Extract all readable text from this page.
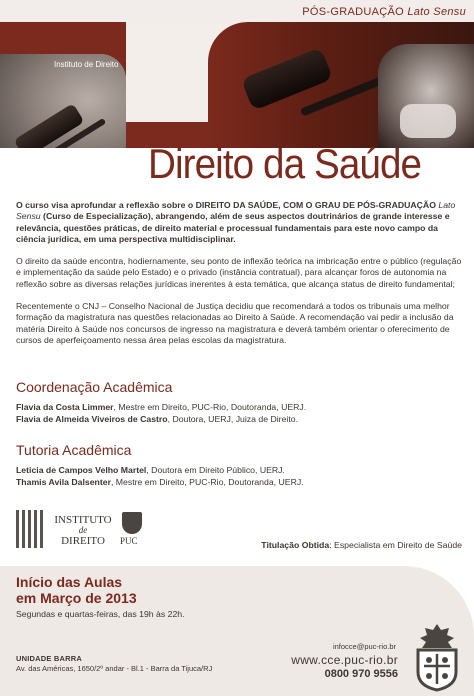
PÓS-GRADUAÇÃO Lato Sensu
Instituto de Direito
Direito da Saúde

O curso visa aprofundar a reflexão sobre o DIREITO DA SAÚDE, COM O GRAU DE PÓS-GRADUAÇÃO Lato Sensu (Curso de Especialização), abrangendo, além de seus aspectos doutrinários de grande interesse e relevância, questões práticas, de direito material e processual fundamentais para este novo campo da ciência jurídica, em uma perspectiva multidisciplinar.

O direito da saúde encontra, hodiernamente, seu ponto de inflexão teórica na imbricação entre o público (regulação e implementação da saúde pelo Estado) e o privado (instância contratual), para alcançar foros de autonomia na reflexão sobre as diversas relações jurídicas inerentes à esta temática, que alcança status de direito fundamental;

Recentemente o CNJ – Conselho Nacional de Justiça decidiu que recomendará a todos os tribunais uma melhor formação da magistratura nas questões relacionadas ao Direito à Saúde. A recomendação vai pedir a inclusão da matéria Direito à Saúde nos concursos de ingresso na magistratura e deverá também orientar o oferecimento de cursos de aperfeiçoamento nessa área pelas escolas da magistratura.

Coordenação Acadêmica
Flavia da Costa Limmer, Mestre em Direito, PUC-Rio, Doutoranda, UERJ.
Flavia de Almeida Viveiros de Castro, Doutora, UERJ, Juiza de Direito.
Tutoria Acadêmica
Leticia de Campos Velho Martel, Doutora em Direito Público, UERJ.
Thamis Avila Dalsenter, Mestre em Direito, PUC-Rio, Doutoranda, UERJ.
INSTITUTO
de
DIREITO	PUC	Titulação Obtida: Especialista em Direito de Saúde
Início das Aulas
em Março de 2013
Segundas e quartas-feiras, das 19h às 22h.
UNIDADE BARRA
Av. das Américas, 1650/2º andar - Bl.1 - Barra da Tijuca/RJ
infocce@puc-rio.br
www.cce.puc-rio.br
0800 970 9556
